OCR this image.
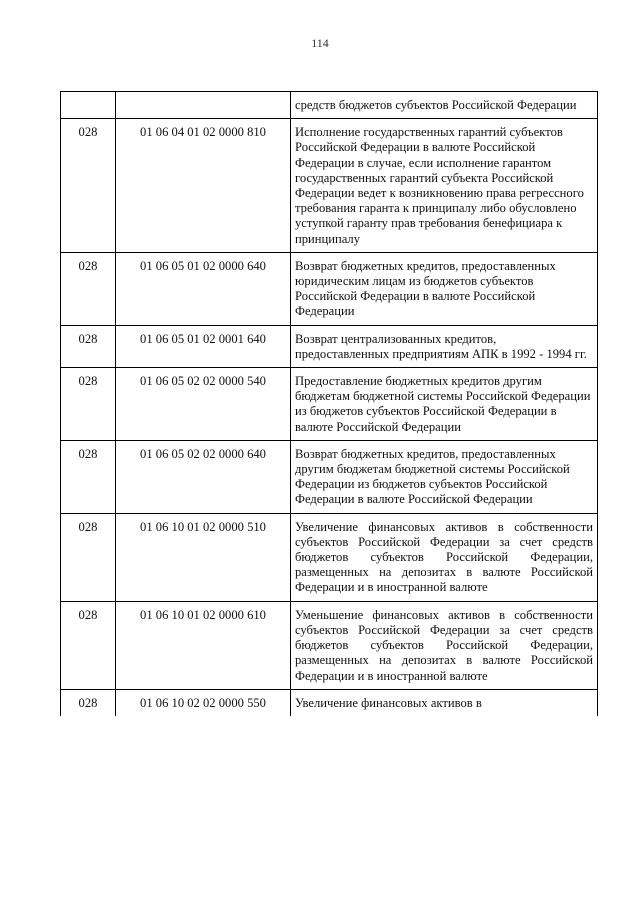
114
		средств бюджетов субъектов Российской Федерации
028	01 06 04 01 02 0000 810	Исполнение государственных гарантий субъектов Российской Федерации в валюте Российской Федерации в случае, если исполнение гарантом государственных гарантий субъекта Российской Федерации ведет к возникновению права регрессного требования гаранта к принципалу либо обусловлено уступкой гаранту прав требования бенефициара к принципалу
028	01 06 05 01 02 0000 640	Возврат бюджетных кредитов, предоставленных юридическим лицам из бюджетов субъектов Российской Федерации в валюте Российской Федерации
028	01 06 05 01 02 0001 640	Возврат централизованных кредитов, предоставленных предприятиям АПК в 1992 - 1994 гг.
028	01 06 05 02 02 0000 540	Предоставление бюджетных кредитов другим бюджетам бюджетной системы Российской Федерации из бюджетов субъектов Российской Федерации в валюте Российской Федерации
028	01 06 05 02 02 0000 640	Возврат бюджетных кредитов, предоставленных другим бюджетам бюджетной системы Российской Федерации из бюджетов субъектов Российской Федерации в валюте Российской Федерации
028	01 06 10 01 02 0000 510	Увеличение финансовых активов в собственности субъектов Российской Федерации за счет средств бюджетов субъектов Российской Федерации, размещенных на депозитах в валюте Российской Федерации и в иностранной валюте
028	01 06 10 01 02 0000 610	Уменьшение финансовых активов в собственности субъектов Российской Федерации за счет средств бюджетов субъектов Российской Федерации, размещенных на депозитах в валюте Российской Федерации и в иностранной валюте
028	01 06 10 02 02 0000 550	Увеличение финансовых активов в
